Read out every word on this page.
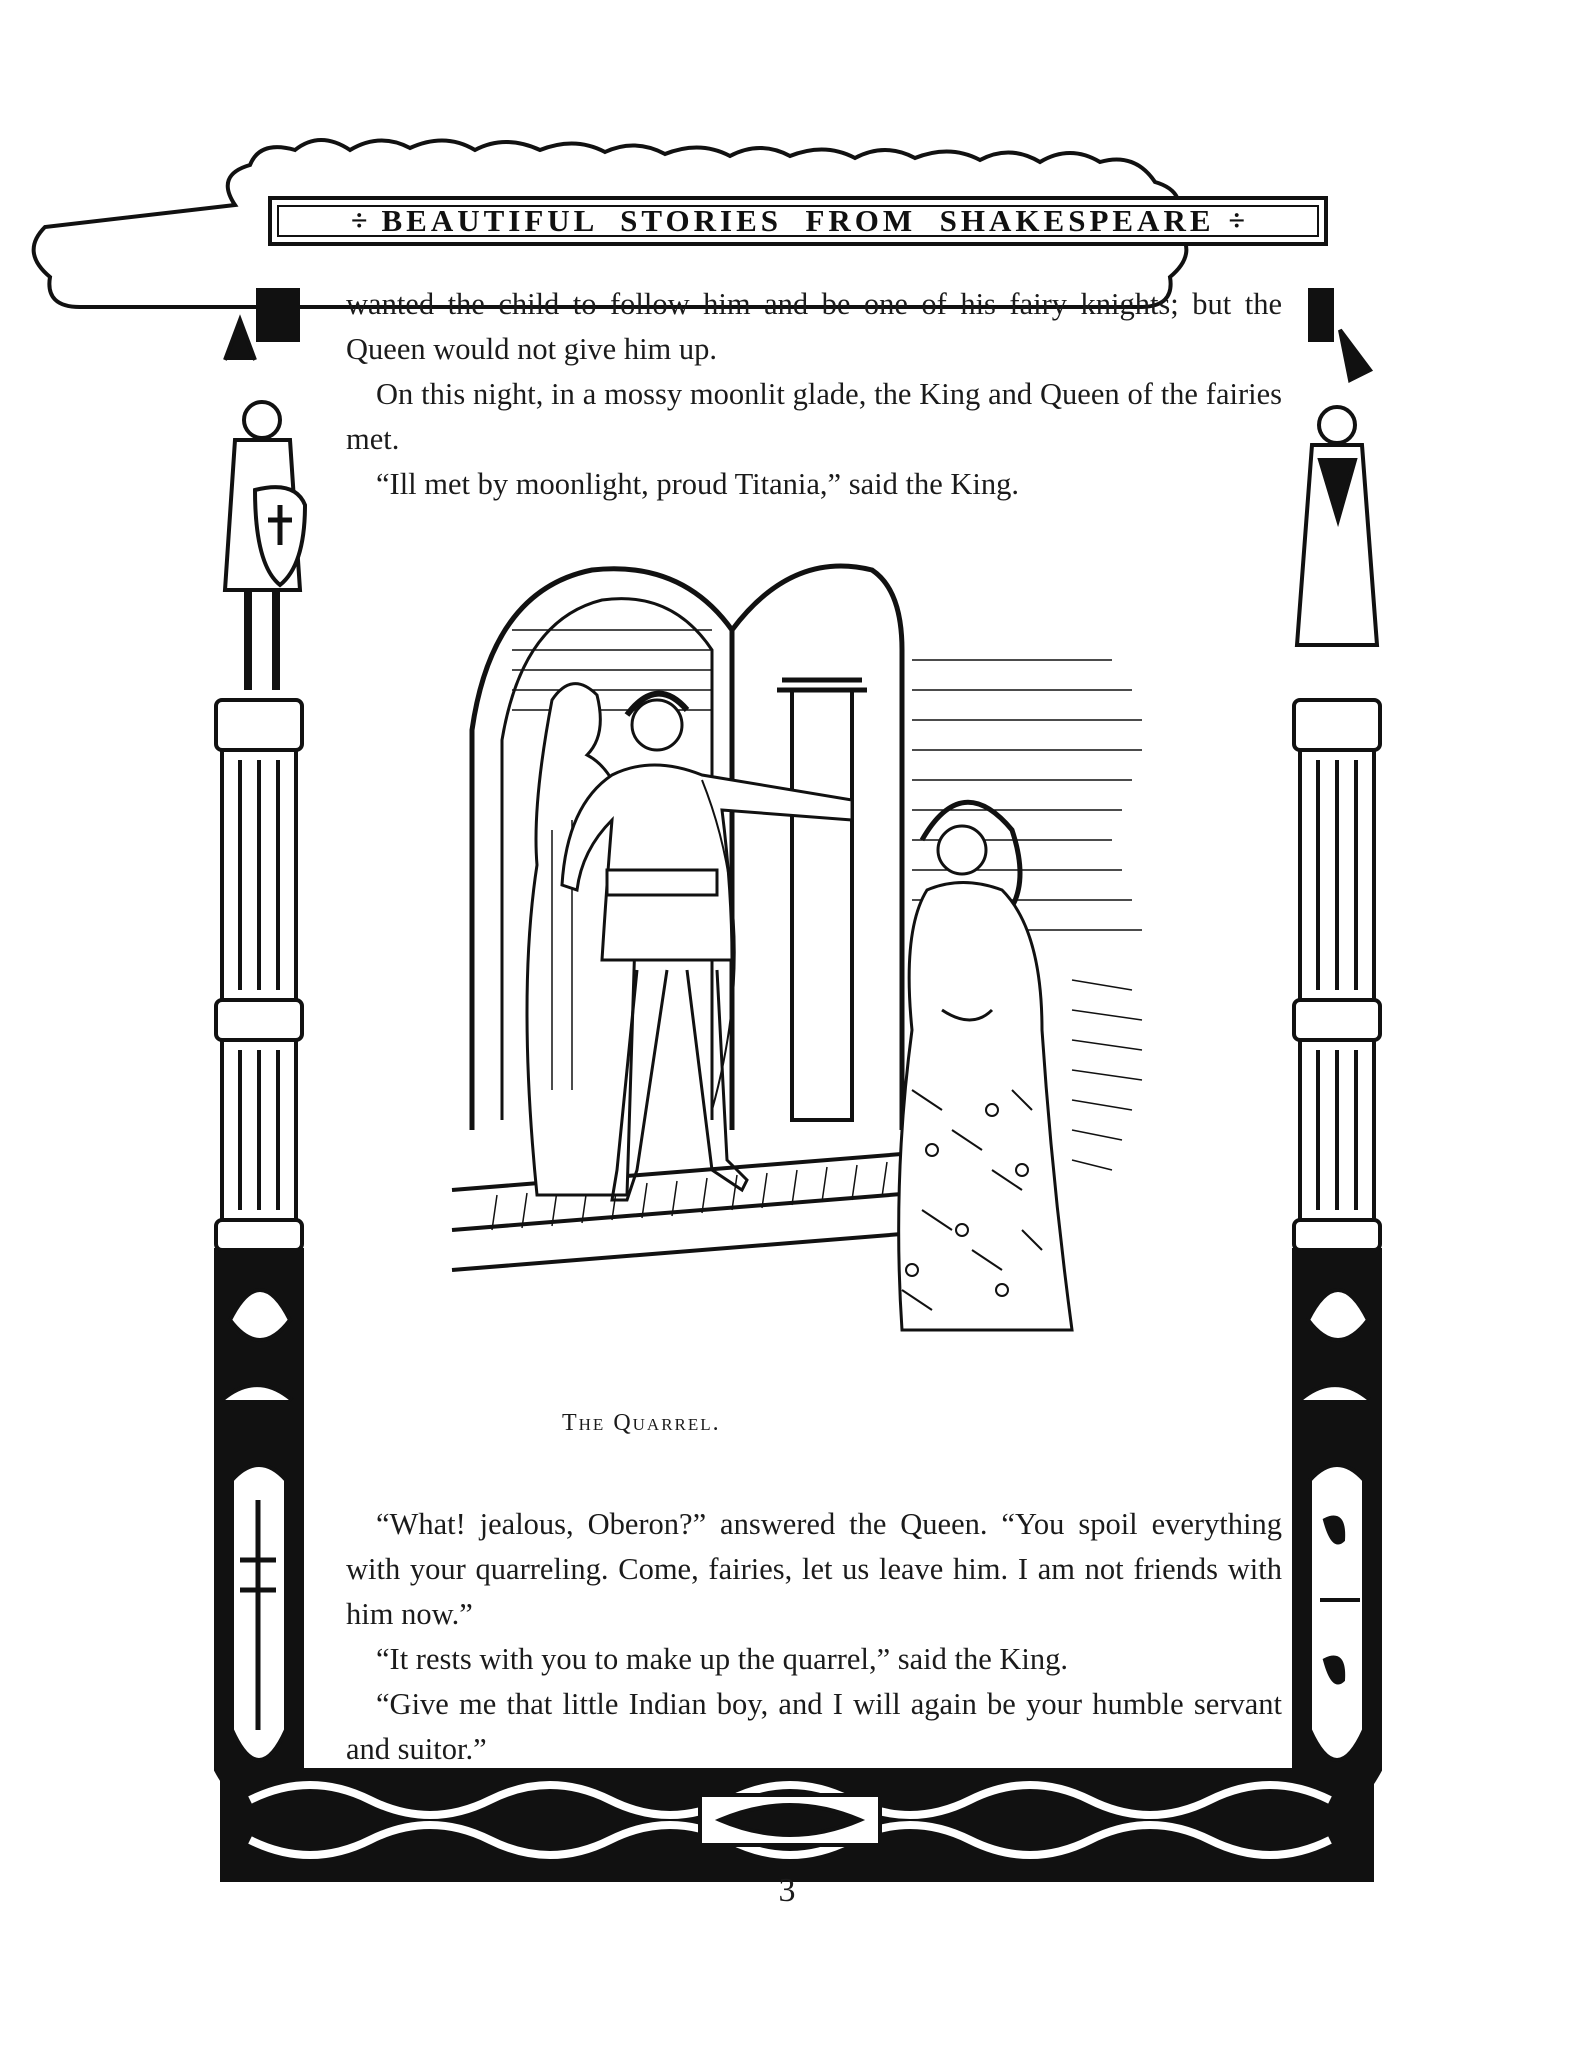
÷ BEAUTIFUL  STORIES  FROM  SHAKESPEARE ÷

wanted the child to follow him and be one of his fairy knights; but the Queen would not give him up.

On this night, in a mossy moonlit glade, the King and Queen of the fairies met.

“Ill met by moonlight, proud Titania,” said the King.

The Quarrel.

“What! jealous, Oberon?” answered the Queen. “You spoil everything with your quarreling. Come, fairies, let us leave him. I am not friends with him now.”

“It rests with you to make up the quarrel,” said the King.

“Give me that little Indian boy, and I will again be your humble servant and suitor.”

3
